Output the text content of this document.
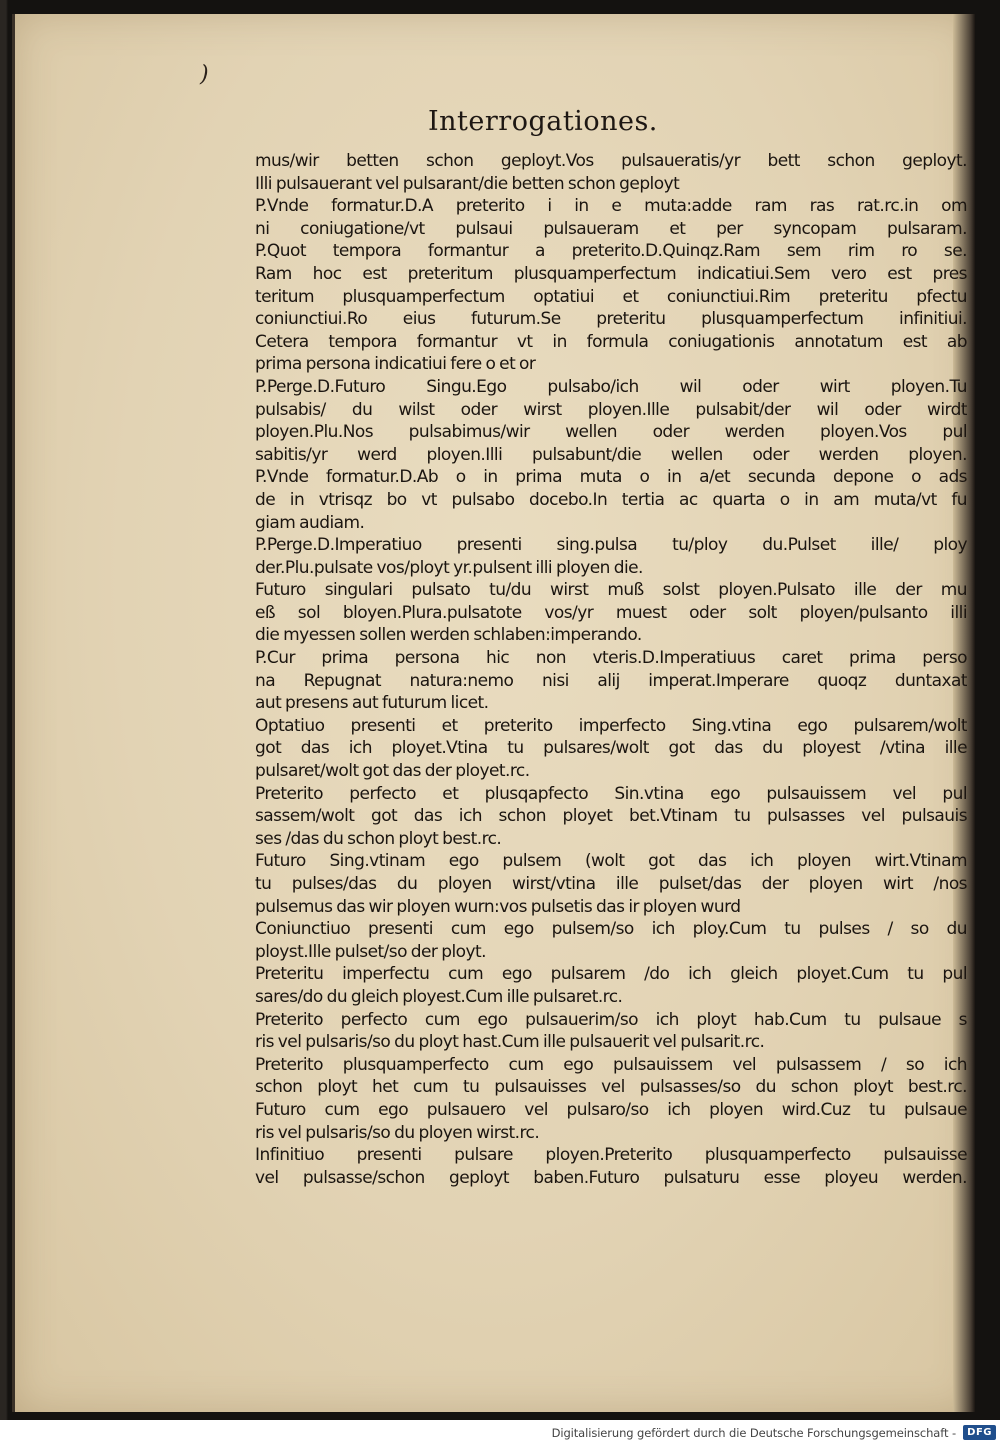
)
Interrogationes.
mus/wir betten schon geployt.Vos pulsaueratis/yr bett schon geployt.
Illi pulsauerant vel pulsarant/die betten schon geployt
P.Vnde formatur.D.A preterito i in e muta:adde ram ras rat.rc.in om
ni coniugatione/vt pulsaui pulsaueram et per syncopam pulsaram.
P.Quot tempora formantur a preterito.D.Quinqz.Ram sem rim ro se.
Ram hoc est preteritum plusquamperfectum indicatiui.Sem vero est pres
teritum plusquamperfectum optatiui et coniunctiui.Rim preteritu pfectu
coniunctiui.Ro eius futurum.Se preteritu plusquamperfectum infinitiui.
Cetera tempora formantur vt in formula coniugationis annotatum est ab
prima persona indicatiui fere o et or
P.Perge.D.Futuro Singu.Ego pulsabo/ich wil oder wirt ployen.Tu
pulsabis/ du wilst oder wirst ployen.Ille pulsabit/der wil oder wirdt
ployen.Plu.Nos pulsabimus/wir wellen oder werden ployen.Vos pul
sabitis/yr werd ployen.Illi pulsabunt/die wellen oder werden ployen.
P.Vnde formatur.D.Ab o in prima muta o in a/et secunda depone o ads
de in vtrisqz bo vt pulsabo docebo.In tertia ac quarta o in am muta/vt fu
giam audiam.
P.Perge.D.Imperatiuo presenti sing.pulsa tu/ploy du.Pulset ille/ ploy
der.Plu.pulsate vos/ployt yr.pulsent illi ployen die.
Futuro singulari pulsato tu/du wirst muß solst ployen.Pulsato ille der mu
eß sol bloyen.Plura.pulsatote vos/yr muest oder solt ployen/pulsanto illi
die myessen sollen werden schlaben:imperando.
P.Cur prima persona hic non vteris.D.Imperatiuus caret prima perso
na Repugnat natura:nemo nisi alij imperat.Imperare quoqz duntaxat
aut presens aut futurum licet.
Optatiuo presenti et preterito imperfecto Sing.vtina ego pulsarem/wolt
got das ich ployet.Vtina tu pulsares/wolt got das du ployest /vtina ille
pulsaret/wolt got das der ployet.rc.
Preterito perfecto et plusqapfecto Sin.vtina ego pulsauissem vel pul
sassem/wolt got das ich schon ployet bet.Vtinam tu pulsasses vel pulsauis
ses /das du schon ployt best.rc.
Futuro Sing.vtinam ego pulsem (wolt got das ich ployen wirt.Vtinam
tu pulses/das du ployen wirst/vtina ille pulset/das der ployen wirt /nos
pulsemus das wir ployen wurn:vos pulsetis das ir ployen wurd
Coniunctiuo presenti cum ego pulsem/so ich ploy.Cum tu pulses / so du
ployst.Ille pulset/so der ployt.
Preteritu imperfectu cum ego pulsarem /do ich gleich ployet.Cum tu pul
sares/do du gleich ployest.Cum ille pulsaret.rc.
Preterito perfecto cum ego pulsauerim/so ich ployt hab.Cum tu pulsaue s
ris vel pulsaris/so du ployt hast.Cum ille pulsauerit vel pulsarit.rc.
Preterito plusquamperfecto cum ego pulsauissem vel pulsassem / so ich
schon ployt het cum tu pulsauisses vel pulsasses/so du schon ployt best.rc.
Futuro cum ego pulsauero vel pulsaro/so ich ployen wird.Cuz tu pulsaue
ris vel pulsaris/so du ployen wirst.rc.
Infinitiuo presenti pulsare ployen.Preterito plusquamperfecto pulsauisse
vel pulsasse/schon geployt baben.Futuro pulsaturu esse ployeu werden.
Digitalisierung gefördert durch die Deutsche Forschungsgemeinschaft -	DFG
